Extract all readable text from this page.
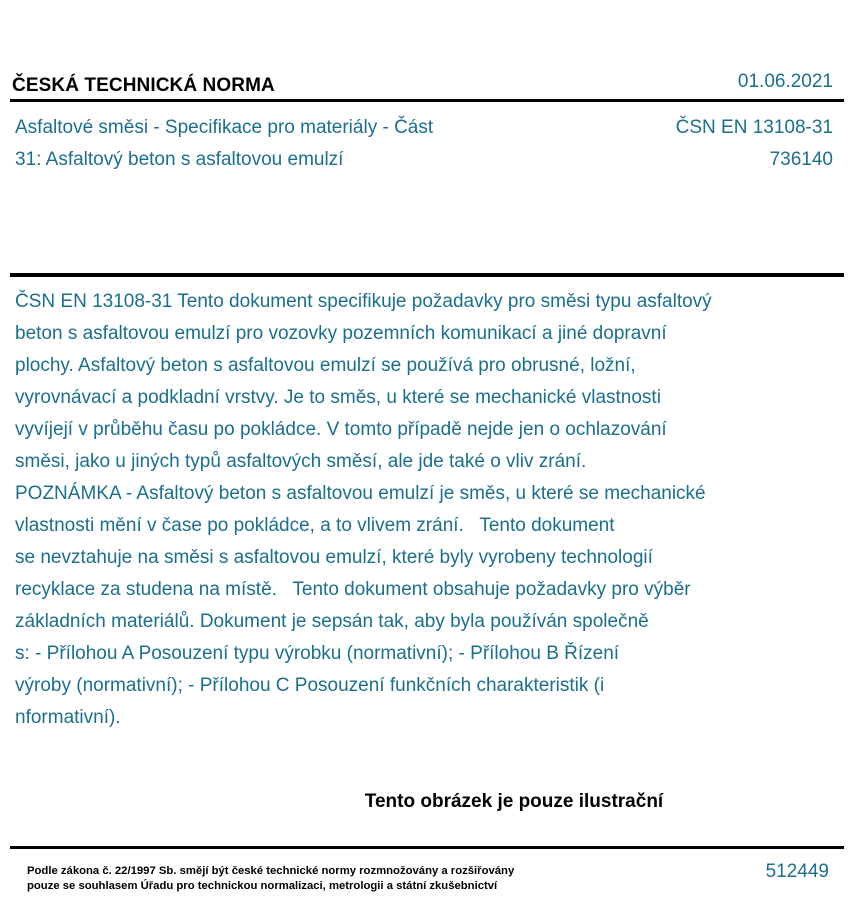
ČESKÁ TECHNICKÁ NORMA	01.06.2021
Asfaltové směsi - Specifikace pro materiály - Část
31: Asfaltový beton s asfaltovou emulzí
ČSN EN 13108-31
736140
ČSN EN 13108-31 Tento dokument specifikuje požadavky pro směsi typu asfaltový
beton s asfaltovou emulzí pro vozovky pozemních komunikací a jiné dopravní
plochy. Asfaltový beton s asfaltovou emulzí se používá pro obrusné, ložní,
vyrovnávací a podkladní vrstvy. Je to směs, u které se mechanické vlastnosti
vyvíjejí v průběhu času po pokládce. V tomto případě nejde jen o ochlazování
směsi, jako u jiných typů asfaltových směsí, ale jde také o vliv zrání.
POZNÁMKA - Asfaltový beton s asfaltovou emulzí je směs, u které se mechanické
vlastnosti mění v čase po pokládce, a to vlivem zrání.   Tento dokument
se nevztahuje na směsi s asfaltovou emulzí, které byly vyrobeny technologií
recyklace za studena na místě.   Tento dokument obsahuje požadavky pro výběr
základních materiálů. Dokument je sepsán tak, aby byla používán společně
s: - Přílohou A Posouzení typu výrobku (normativní); - Přílohou B Řízení
výroby (normativní); - Přílohou C Posouzení funkčních charakteristik (i
nformativní).
Tento obrázek je pouze ilustrační
Podle zákona č. 22/1997 Sb. smějí být české technické normy rozmnožovány a rozšiřovány
pouze se souhlasem Úřadu pro technickou normalizaci, metrologii a státní zkušebnictví
512449
